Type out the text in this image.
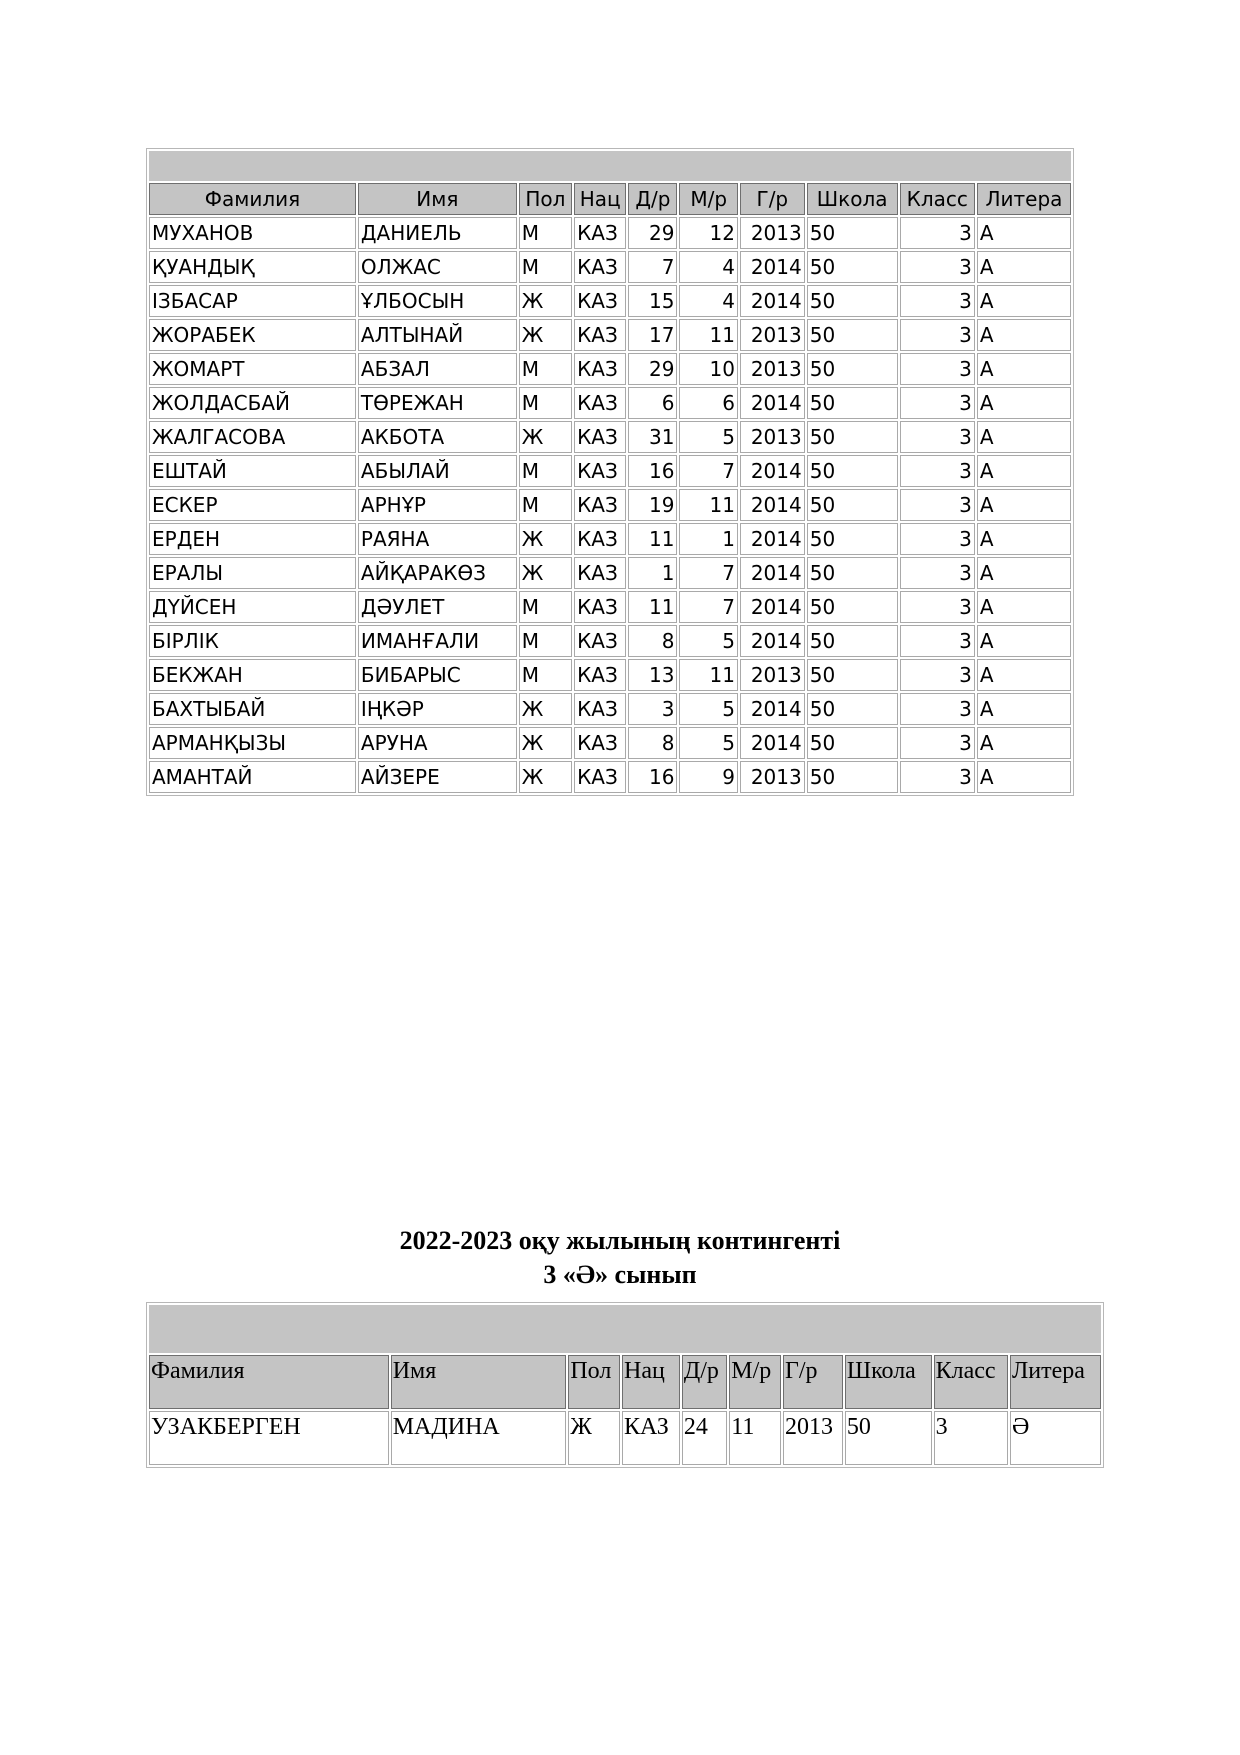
Фамилия	Имя	Пол	Нац	Д/р	М/р	Г/р	Школа	Класс	Литера
МУХАНОВ	ДАНИЕЛЬ	М	КАЗ	29	12	2013	50	3	А
ҚУАНДЫҚ	ОЛЖАС	М	КАЗ	7	4	2014	50	3	А
ІЗБАСАР	ҰЛБОСЫН	Ж	КАЗ	15	4	2014	50	3	А
ЖОРАБЕК	АЛТЫНАЙ	Ж	КАЗ	17	11	2013	50	3	А
ЖОМАРТ	АБЗАЛ	М	КАЗ	29	10	2013	50	3	А
ЖОЛДАСБАЙ	ТӨРЕЖАН	М	КАЗ	6	6	2014	50	3	А
ЖАЛГАСОВА	АКБОТА	Ж	КАЗ	31	5	2013	50	3	А
ЕШТАЙ	АБЫЛАЙ	М	КАЗ	16	7	2014	50	3	А
ЕСКЕР	АРНҰР	М	КАЗ	19	11	2014	50	3	А
ЕРДЕН	РАЯНА	Ж	КАЗ	11	1	2014	50	3	А
ЕРАЛЫ	АЙҚАРАКӨЗ	Ж	КАЗ	1	7	2014	50	3	А
ДҮЙСЕН	ДӘУЛЕТ	М	КАЗ	11	7	2014	50	3	А
БІРЛІК	ИМАНҒАЛИ	М	КАЗ	8	5	2014	50	3	А
БЕКЖАН	БИБАРЫС	М	КАЗ	13	11	2013	50	3	А
БАХТЫБАЙ	ІҢКӘР	Ж	КАЗ	3	5	2014	50	3	А
АРМАНҚЫЗЫ	АРУНА	Ж	КАЗ	8	5	2014	50	3	А
АМАНТАЙ	АЙЗЕРЕ	Ж	КАЗ	16	9	2013	50	3	А
2022-2023 оқу жылының контингенті
3 «Ә» сынып

Фамилия	Имя	Пол	Нац	Д/р	М/р	Г/р	Школа	Класс	Литера
УЗАКБЕРГЕН	МАДИНА	Ж	КАЗ	24	11	2013	50	3	Ә
